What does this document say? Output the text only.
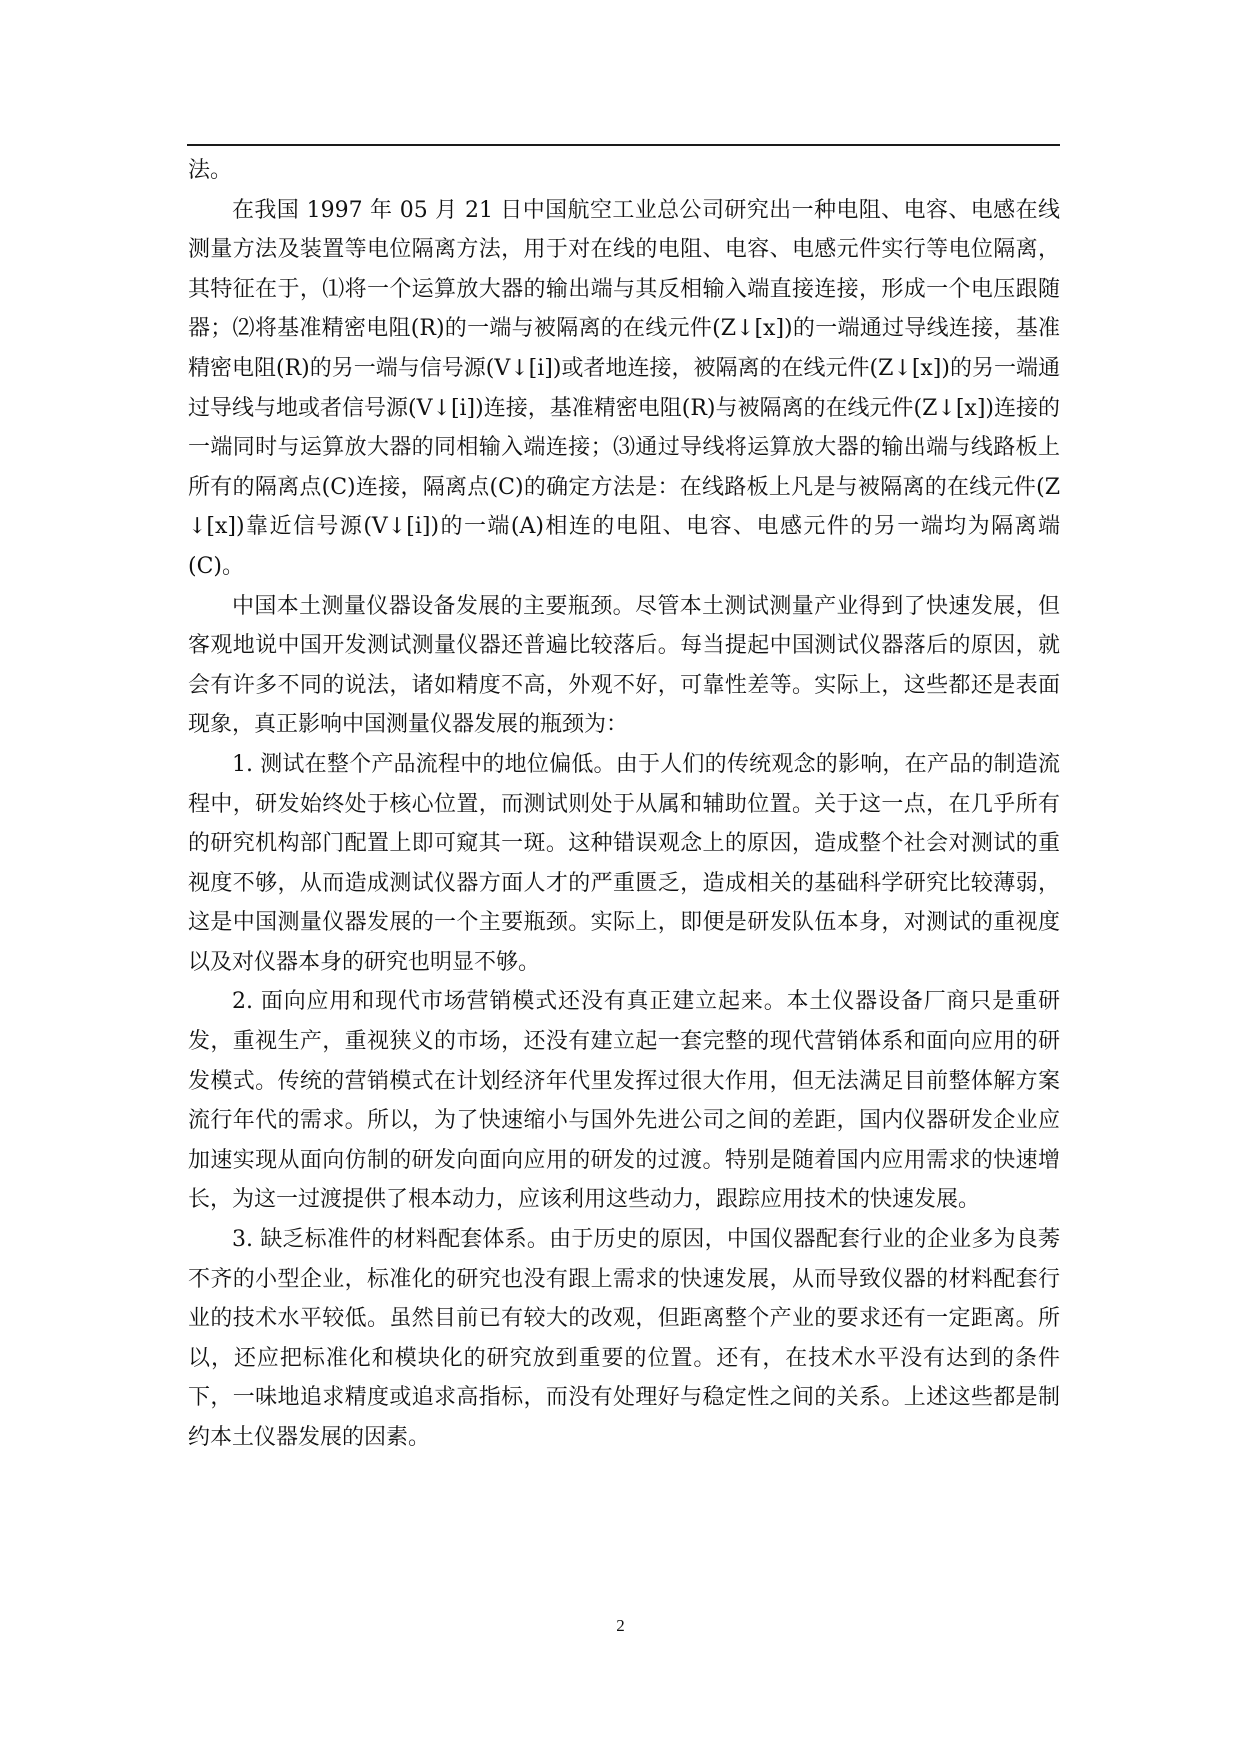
法。

在我国 1997 年 05 月 21 日中国航空工业总公司研究出一种电阻、电容、电感在线测量方法及装置等电位隔离方法，用于对在线的电阻、电容、电感元件实行等电位隔离，其特征在于，⑴将一个运算放大器的输出端与其反相输入端直接连接，形成一个电压跟随器；⑵将基准精密电阻(R)的一端与被隔离的在线元件(Z↓[x])的一端通过导线连接，基准精密电阻(R)的另一端与信号源(V↓[i])或者地连接，被隔离的在线元件(Z↓[x])的另一端通过导线与地或者信号源(V↓[i])连接，基准精密电阻(R)与被隔离的在线元件(Z↓[x])连接的一端同时与运算放大器的同相输入端连接；⑶通过导线将运算放大器的输出端与线路板上所有的隔离点(C)连接，隔离点(C)的确定方法是：在线路板上凡是与被隔离的在线元件(Z↓[x])靠近信号源(V↓[i])的一端(A)相连的电阻、电容、电感元件的另一端均为隔离端(C)。

中国本土测量仪器设备发展的主要瓶颈。尽管本土测试测量产业得到了快速发展，但客观地说中国开发测试测量仪器还普遍比较落后。每当提起中国测试仪器落后的原因，就会有许多不同的说法，诸如精度不高，外观不好，可靠性差等。实际上，这些都还是表面现象，真正影响中国测量仪器发展的瓶颈为：

1. 测试在整个产品流程中的地位偏低。由于人们的传统观念的影响，在产品的制造流程中，研发始终处于核心位置，而测试则处于从属和辅助位置。关于这一点，在几乎所有的研究机构部门配置上即可窥其一斑。这种错误观念上的原因，造成整个社会对测试的重视度不够，从而造成测试仪器方面人才的严重匮乏，造成相关的基础科学研究比较薄弱，这是中国测量仪器发展的一个主要瓶颈。实际上，即便是研发队伍本身，对测试的重视度以及对仪器本身的研究也明显不够。

2. 面向应用和现代市场营销模式还没有真正建立起来。本土仪器设备厂商只是重研发，重视生产，重视狭义的市场，还没有建立起一套完整的现代营销体系和面向应用的研发模式。传统的营销模式在计划经济年代里发挥过很大作用，但无法满足目前整体解方案流行年代的需求。所以，为了快速缩小与国外先进公司之间的差距，国内仪器研发企业应加速实现从面向仿制的研发向面向应用的研发的过渡。特别是随着国内应用需求的快速增长，为这一过渡提供了根本动力，应该利用这些动力，跟踪应用技术的快速发展。

3. 缺乏标准件的材料配套体系。由于历史的原因，中国仪器配套行业的企业多为良莠不齐的小型企业，标准化的研究也没有跟上需求的快速发展，从而导致仪器的材料配套行业的技术水平较低。虽然目前已有较大的改观，但距离整个产业的要求还有一定距离。所以，还应把标准化和模块化的研究放到重要的位置。还有，在技术水平没有达到的条件下，一味地追求精度或追求高指标，而没有处理好与稳定性之间的关系。上述这些都是制约本土仪器发展的因素。

2
